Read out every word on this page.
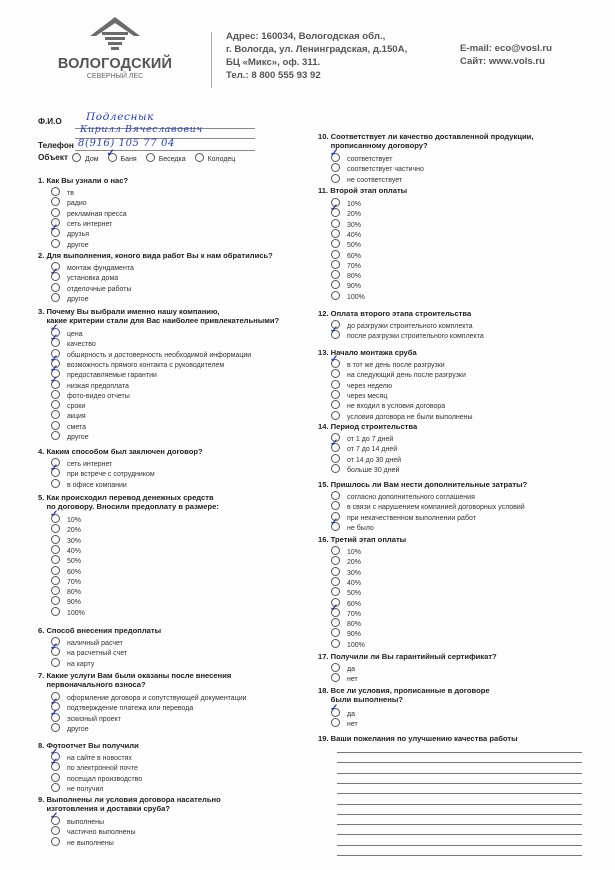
ВОЛОГОДСКИЙ
СЕВЕРНЫЙ ЛЕС
Адрес: 160034, Вологодская обл.,
г. Вологда, ул. Ленинградская, д.150А,
БЦ «Микс», оф. 311.
Тел.: 8 800 555 93 92
E-mail: eco@vosl.ru
Сайт: www.vols.ru
Ф.И.О Подлеснык
Кирилл Вячеславович
Телефон 8(916) 105 77 04
Объект	Дом
✓
Баня	Беседка	Колодец
1. Как Вы узнали о нас?
тв
радио
рекламная пресса
сеть интернет
✓
друзья
другое
2. Для выполнения, коного вида работ Вы к нам обратились?
монтаж фундамента
✓
установка дома
отделочные работы
другое
3. Почему Вы выбрали именно нашу компанию,
какие критерии стали для Вас наиболее привлекательными?
✓
цена
✓
качество
обширность и достоверность необходимой информации
✓
возможность прямого контакта с руководителем
✓
предоставляемые гарантии
✓
низкая предоплата
фото-видео отчеты
сроки
акция
смета
другое
4. Каким способом был заключен договор?
сеть интернет
✓
при встрече с сотрудником
в офисе компании
5. Как происходил перевод денежных средств
по договору. Вносили предоплату в размере:
✓
10%
20%
30%
40%
50%
60%
70%
80%
90%
100%
6. Способ внесения предоплаты
наличный расчет
✓
на расчетный счет
на карту
7. Какие услуги Вам были оказаны после внесения
первоначального взноса?
оформление договора и сопутствующей документации
✓
подтверждение платежа или перевода
✓
эскизный проект
другое
8. Фотоотчет Вы получили
✓
на сайте в новостях
✓
по электронной почте
посещал производство
не получил
9. Выполнены ли условия договора насательно
изготовления и доставки сруба?
✓
выполнены
частично выполнены
не выполнены
10. Соответствует ли качество доставленной продукции,
прописанному договору?
✓
соответствует
соответствует частично
не соответствует
11. Второй этап оплаты
10%
✓
20%
30%
40%
50%
60%
70%
80%
90%
100%
12. Оплата второго этапа строительства
до разгрузки строительного комплекта
✓
после разгрузки строительного комплекта
13. Начало монтажа сруба
✓
в тот же день после разгрузки
на следующий день после разгрузки
через неделю
через месяц
не входил в условия договора
условия договора не были выполнены
14. Период строительства
от 1 до 7 дней
✓
от 7 до 14 дней
от 14 до 30 дней
больше 30 дней
15. Пришлось ли Вам нести дополнительные затраты?
согласно дополнительного соглашения
в связи с нарушением компанией договорных условий
при некачественном выполнении работ
✓
не было
16. Третий этап оплаты
10%
20%
30%
40%
50%
60%
✓
70%
80%
90%
100%
17. Получили ли Вы гарантийный сертификат?
да
нет
18. Все ли условия, прописанные в договоре
были выполнены?
✓
да
нет
19. Ваши пожелания по улучшению качества работы
